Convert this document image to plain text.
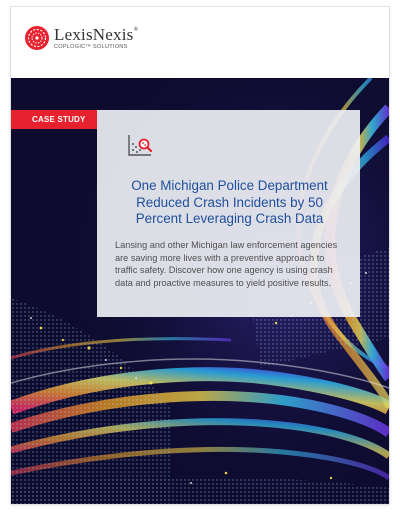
LexisNexis®
COPLOGIC™ SOLUTIONS
CASE STUDY
One Michigan Police Department Reduced Crash Incidents by 50 Percent Leveraging Crash Data

Lansing and other Michigan law enforcement agencies are saving more lives with a preventive approach to traffic safety. Discover how one agency is using crash data and proactive measures to yield positive results.
